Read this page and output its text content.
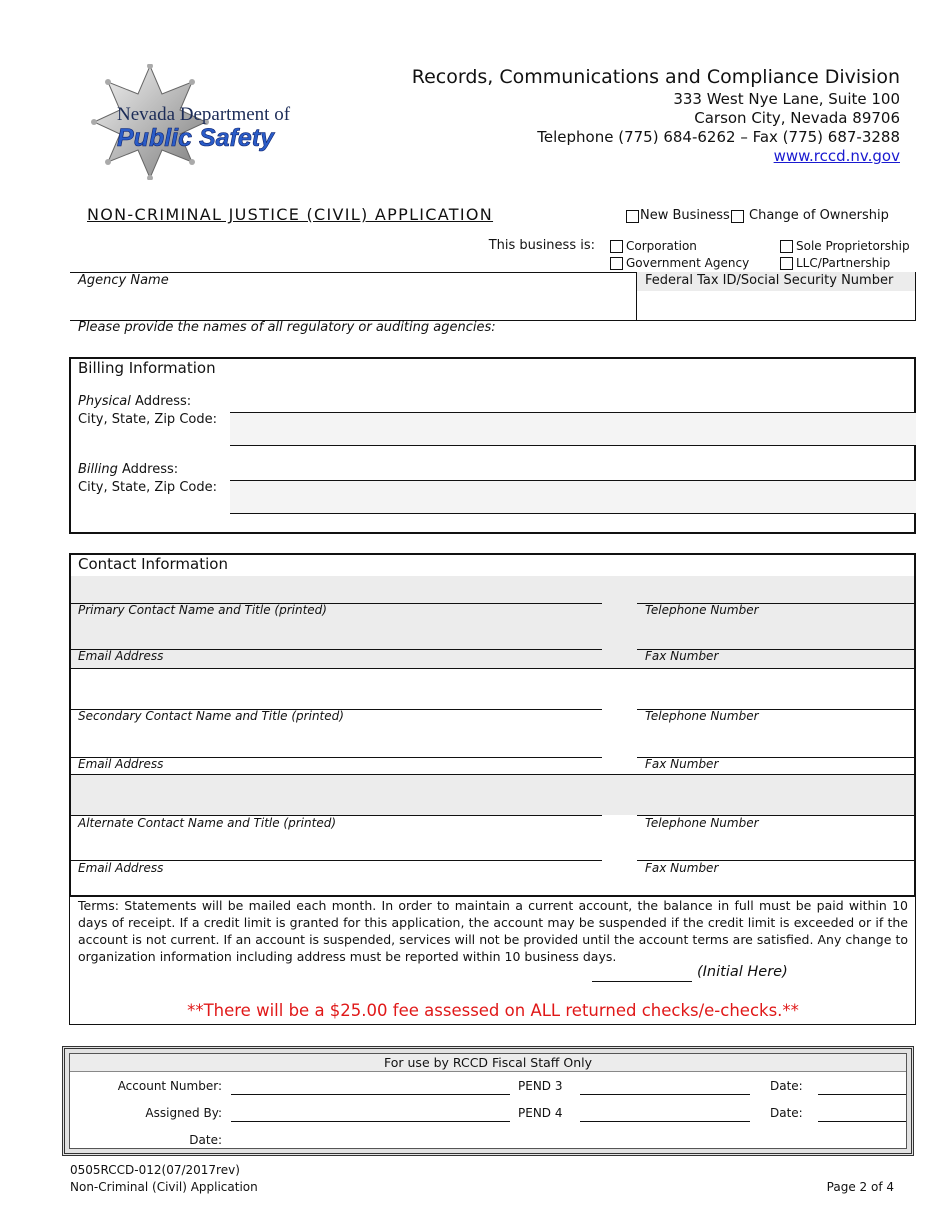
Nevada Department of
Public Safety
Records, Communications and Compliance Division
333 West Nye Lane, Suite 100
Carson City, Nevada 89706
Telephone (775) 684-6262 – Fax (775) 687-3288
www.rccd.nv.gov
NON-CRIMINAL JUSTICE (CIVIL) APPLICATION	New Business Change of Ownership
This business is:	Corporation	Sole Proprietorship
Government Agency	LLC/Partnership
Federal Tax ID/Social Security Number
Agency Name
Please provide the names of all regulatory or auditing agencies:
Billing Information
Physical Address:
City, State, Zip Code:
Billing Address:
City, State, Zip Code:
Contact Information
Primary Contact Name and Title (printed)	Telephone Number
Email Address	Fax Number
Secondary Contact Name and Title (printed)	Telephone Number
Email Address	Fax Number
Alternate Contact Name and Title (printed)	Telephone Number
Email Address	Fax Number
Terms: Statements will be mailed each month. In order to maintain a current account, the balance in full must be paid within 10 days of receipt. If a credit limit is granted for this application, the account may be suspended if the credit limit is exceeded or if the account is not current. If an account is suspended, services will not be provided until the account terms are satisfied. Any change to organization information including address must be reported within 10 business days.
(Initial Here)
**There will be a $25.00 fee assessed on ALL returned checks/e-checks.**
For use by RCCD Fiscal Staff Only
Account Number:	PEND 3	Date:
Assigned By:	PEND 4	Date:
Date:
0505RCCD-012(07/2017rev)
Non-Criminal (Civil) Application	Page 2 of 4
